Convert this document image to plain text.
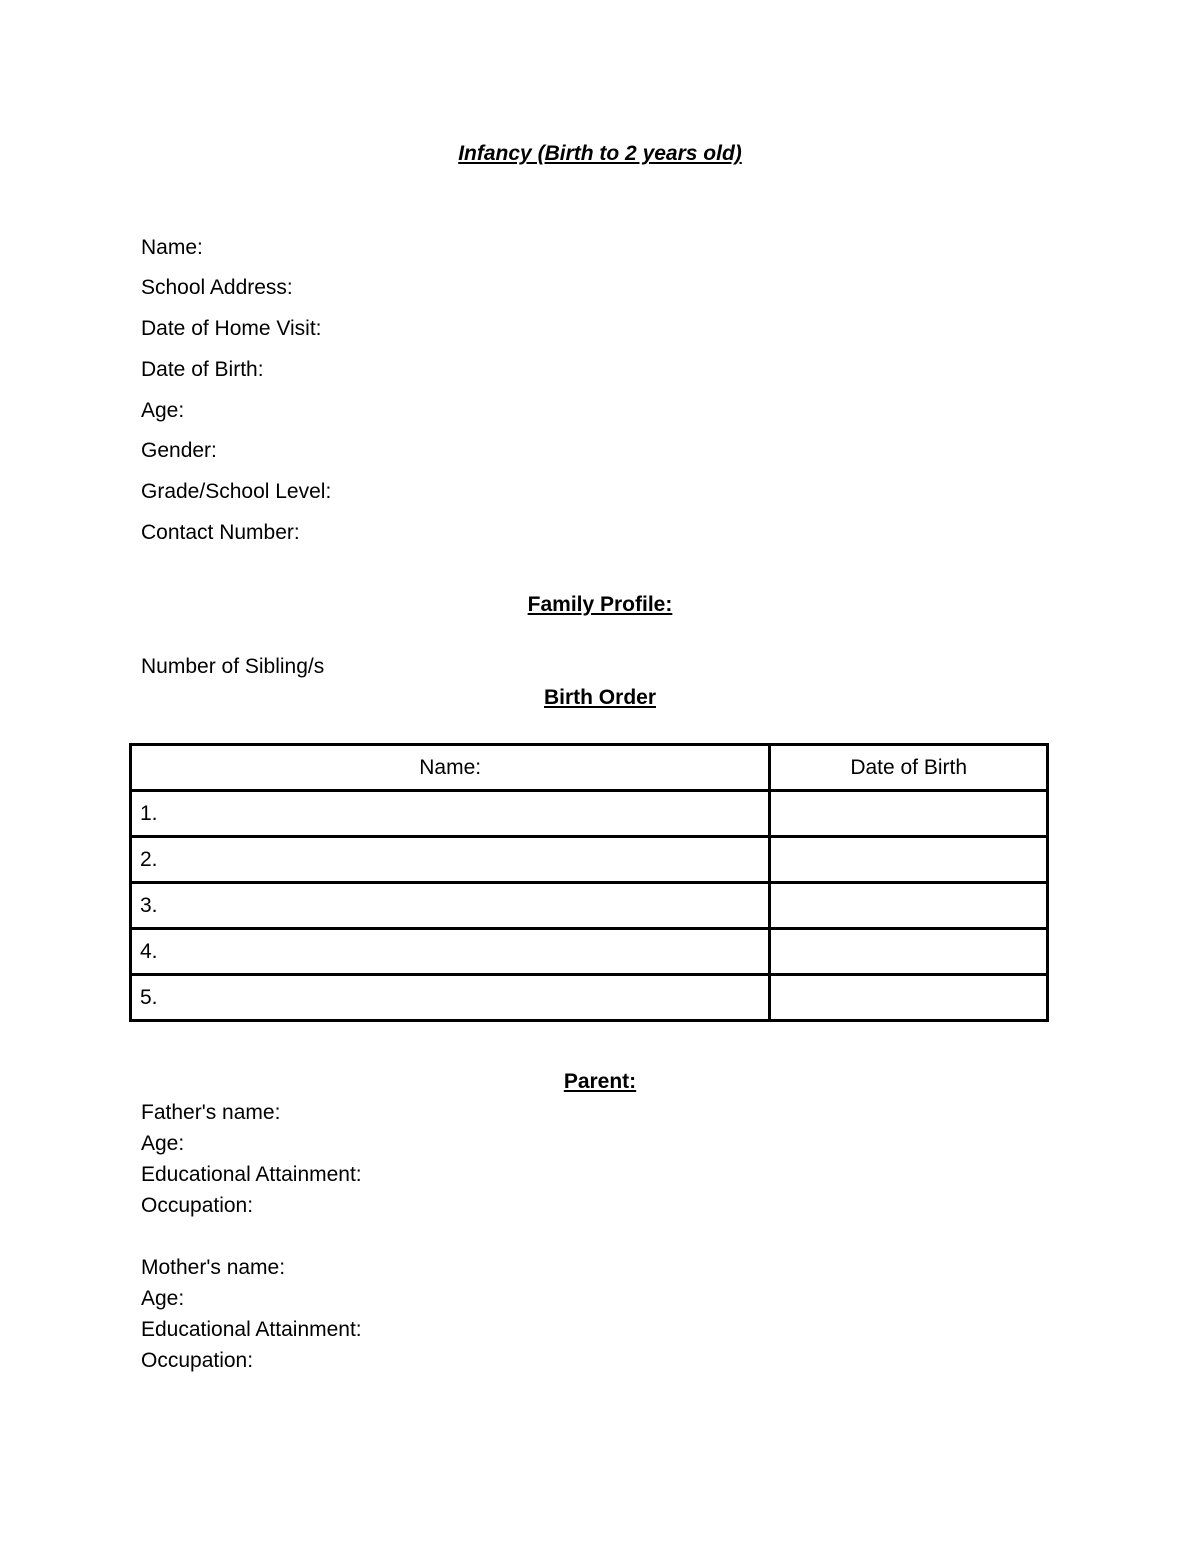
Infancy (Birth to 2 years old)
Name:
School Address:
Date of Home Visit:
Date of Birth:
Age:
Gender:
Grade/School Level:
Contact Number:
Family Profile:
Number of Sibling/s
Birth Order
Name:	Date of Birth
1.	
2.	
3.	
4.	
5.	
Parent:
Father's name:
Age:
Educational Attainment:
Occupation:
Mother's name:
Age:
Educational Attainment:
Occupation:
